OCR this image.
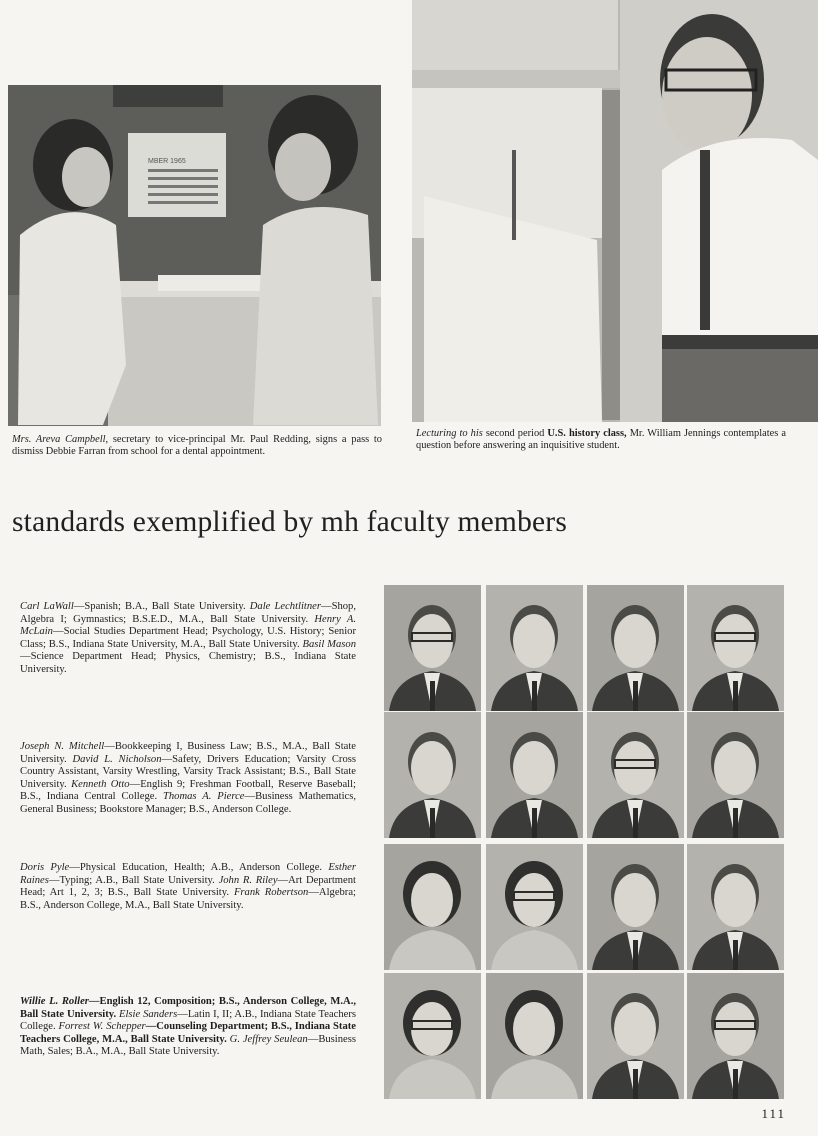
MBER 1965
Mrs. Areva Campbell, secretary to vice-principal Mr. Paul Redding, signs a pass to dismiss Debbie Farran from school for a dental appointment.
Lecturing to his second period U.S. history class, Mr. William Jennings contemplates a question before answering an inquisitive student.
standards exemplified by mh faculty members
Carl LaWall—Spanish; B.A., Ball State University. Dale Lechtlitner—Shop, Algebra I; Gymnastics; B.S.E.D., M.A., Ball State University. Henry A. McLain—Social Studies Department Head; Psychology, U.S. History; Senior Class; B.S., Indiana State University, M.A., Ball State University. Basil Mason—Science Department Head; Physics, Chemistry; B.S., Indiana State University.
Joseph N. Mitchell—Bookkeeping I, Business Law; B.S., M.A., Ball State University. David L. Nicholson—Safety, Drivers Education; Varsity Cross Country Assistant, Varsity Wrestling, Varsity Track Assistant; B.S., Ball State University. Kenneth Otto—English 9; Freshman Football, Reserve Baseball; B.S., Indiana Central College. Thomas A. Pierce—Business Mathematics, General Business; Bookstore Manager; B.S., Anderson College.
Doris Pyle—Physical Education, Health; A.B., Anderson College. Esther Raines—Typing; A.B., Ball State University. John R. Riley—Art Department Head; Art 1, 2, 3; B.S., Ball State University. Frank Robertson—Algebra; B.S., Anderson College, M.A., Ball State University.
Willie L. Roller—English 12, Composition; B.S., Anderson College, M.A., Ball State University. Elsie Sanders—Latin I, II; A.B., Indiana State Teachers College. Forrest W. Schepper—Counseling Department; B.S., Indiana State Teachers College, M.A., Ball State University. G. Jeffrey Seulean—Business Math, Sales; B.A., M.A., Ball State University.
111
